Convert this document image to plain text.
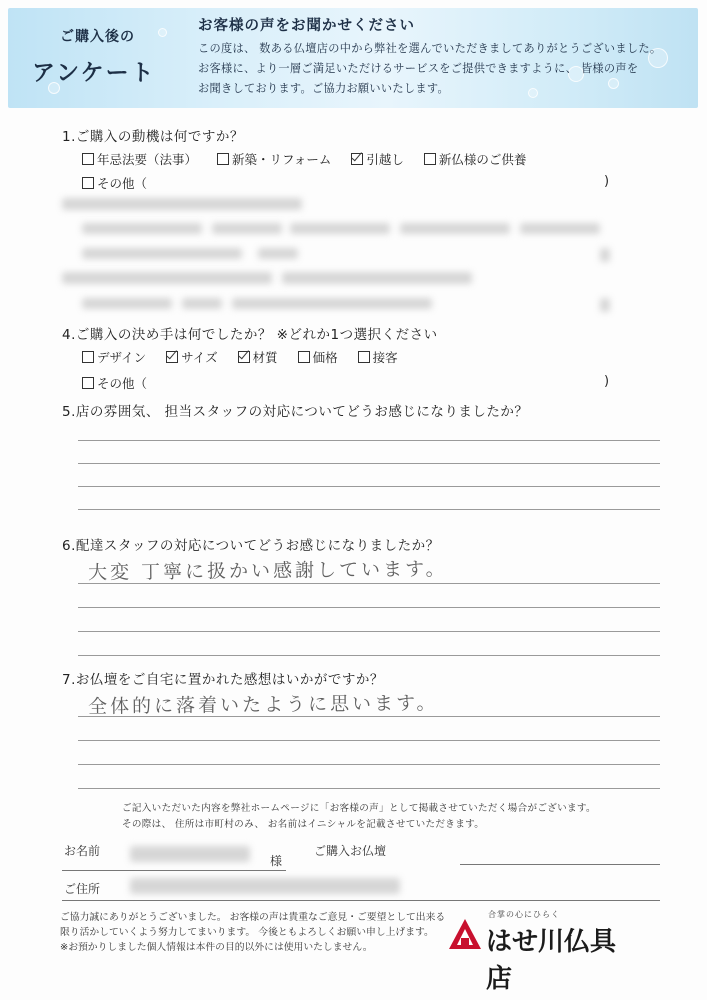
ご購入後の
アンケート
お客様の声をお聞かせください
この度は、 数ある仏壇店の中から弊社を選んでいただきましてありがとうございました。
お客様に、より一層ご満足いただけるサービスをご提供できますように、 皆様の声を
お聞きしております。ご協力お願いいたします。
1.ご購入の動機は何ですか？
年忌法要（法事）	新築・リフォーム	引越し	新仏様のご供養
その他（	)
4.ご購入の決め手は何でしたか？ ※どれか1つ選択ください
デザイン	サイズ	材質	価格	接客
その他（	)
5.店の雰囲気、 担当スタッフの対応についてどうお感じになりましたか？
6.配達スタッフの対応についてどうお感じになりましたか？
大変 丁寧に扱かい感謝しています。
7.お仏壇をご自宅に置かれた感想はいかがですか？
全体的に落着いたように思います。
ご記入いただいた内容を弊社ホームページに「お客様の声」として掲載させていただく場合がございます。
その際は、 住所は市町村のみ、 お名前はイニシャルを記載させていただきます。
お名前
様
ご購入お仏壇
ご住所
ご協力誠にありがとうございました。 お客様の声は貴重なご意見・ご要望として出来る
限り活かしていくよう努力してまいります。 今後ともよろしくお願い申し上げます。
※お預かりしました個人情報は本件の目的以外には使用いたしません。
合掌の心にひらく
はせ川仏具店
